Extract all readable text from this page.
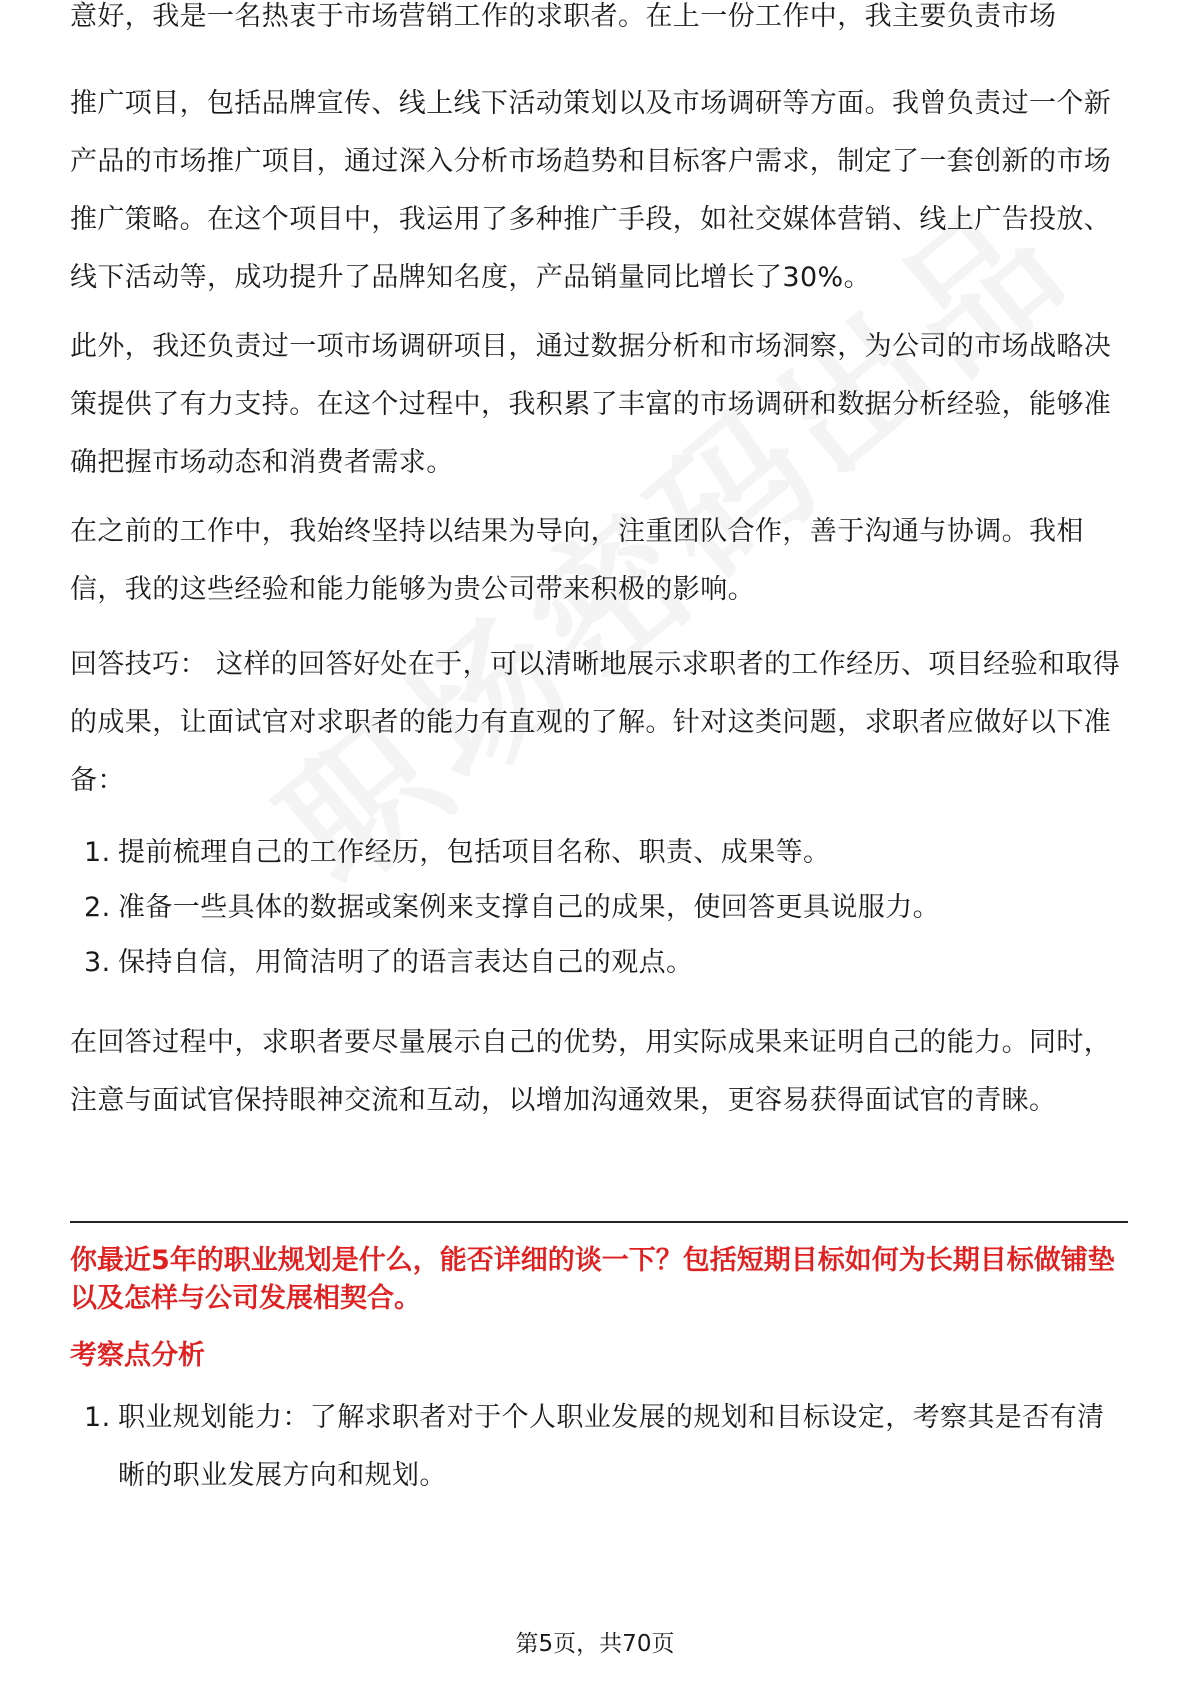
意好，我是一名热衷于市场营销工作的求职者。在上一份工作中，我主要负责市场

推广项目，包括品牌宣传、线上线下活动策划以及市场调研等方面。我曾负责过一个新产品的市场推广项目，通过深入分析市场趋势和目标客户需求，制定了一套创新的市场推广策略。在这个项目中，我运用了多种推广手段，如社交媒体营销、线上广告投放、线下活动等，成功提升了品牌知名度，产品销量同比增长了30%。

此外，我还负责过一项市场调研项目，通过数据分析和市场洞察，为公司的市场战略决策提供了有力支持。在这个过程中，我积累了丰富的市场调研和数据分析经验，能够准确把握市场动态和消费者需求。

在之前的工作中，我始终坚持以结果为导向，注重团队合作，善于沟通与协调。我相信，我的这些经验和能力能够为贵公司带来积极的影响。

回答技巧： 这样的回答好处在于，可以清晰地展示求职者的工作经历、项目经验和取得的成果，让面试官对求职者的能力有直观的了解。针对这类问题，求职者应做好以下准备：

1. 提前梳理自己的工作经历，包括项目名称、职责、成果等。
2. 准备一些具体的数据或案例来支撑自己的成果，使回答更具说服力。
3. 保持自信，用简洁明了的语言表达自己的观点。

在回答过程中，求职者要尽量展示自己的优势，用实际成果来证明自己的能力。同时，注意与面试官保持眼神交流和互动，以增加沟通效果，更容易获得面试官的青睐。

你最近5年的职业规划是什么，能否详细的谈一下？包括短期目标如何为长期目标做铺垫以及怎样与公司发展相契合。

考察点分析

1. 职业规划能力：了解求职者对于个人职业发展的规划和目标设定，考察其是否有清晰的职业发展方向和规划。
第5页，共70页
